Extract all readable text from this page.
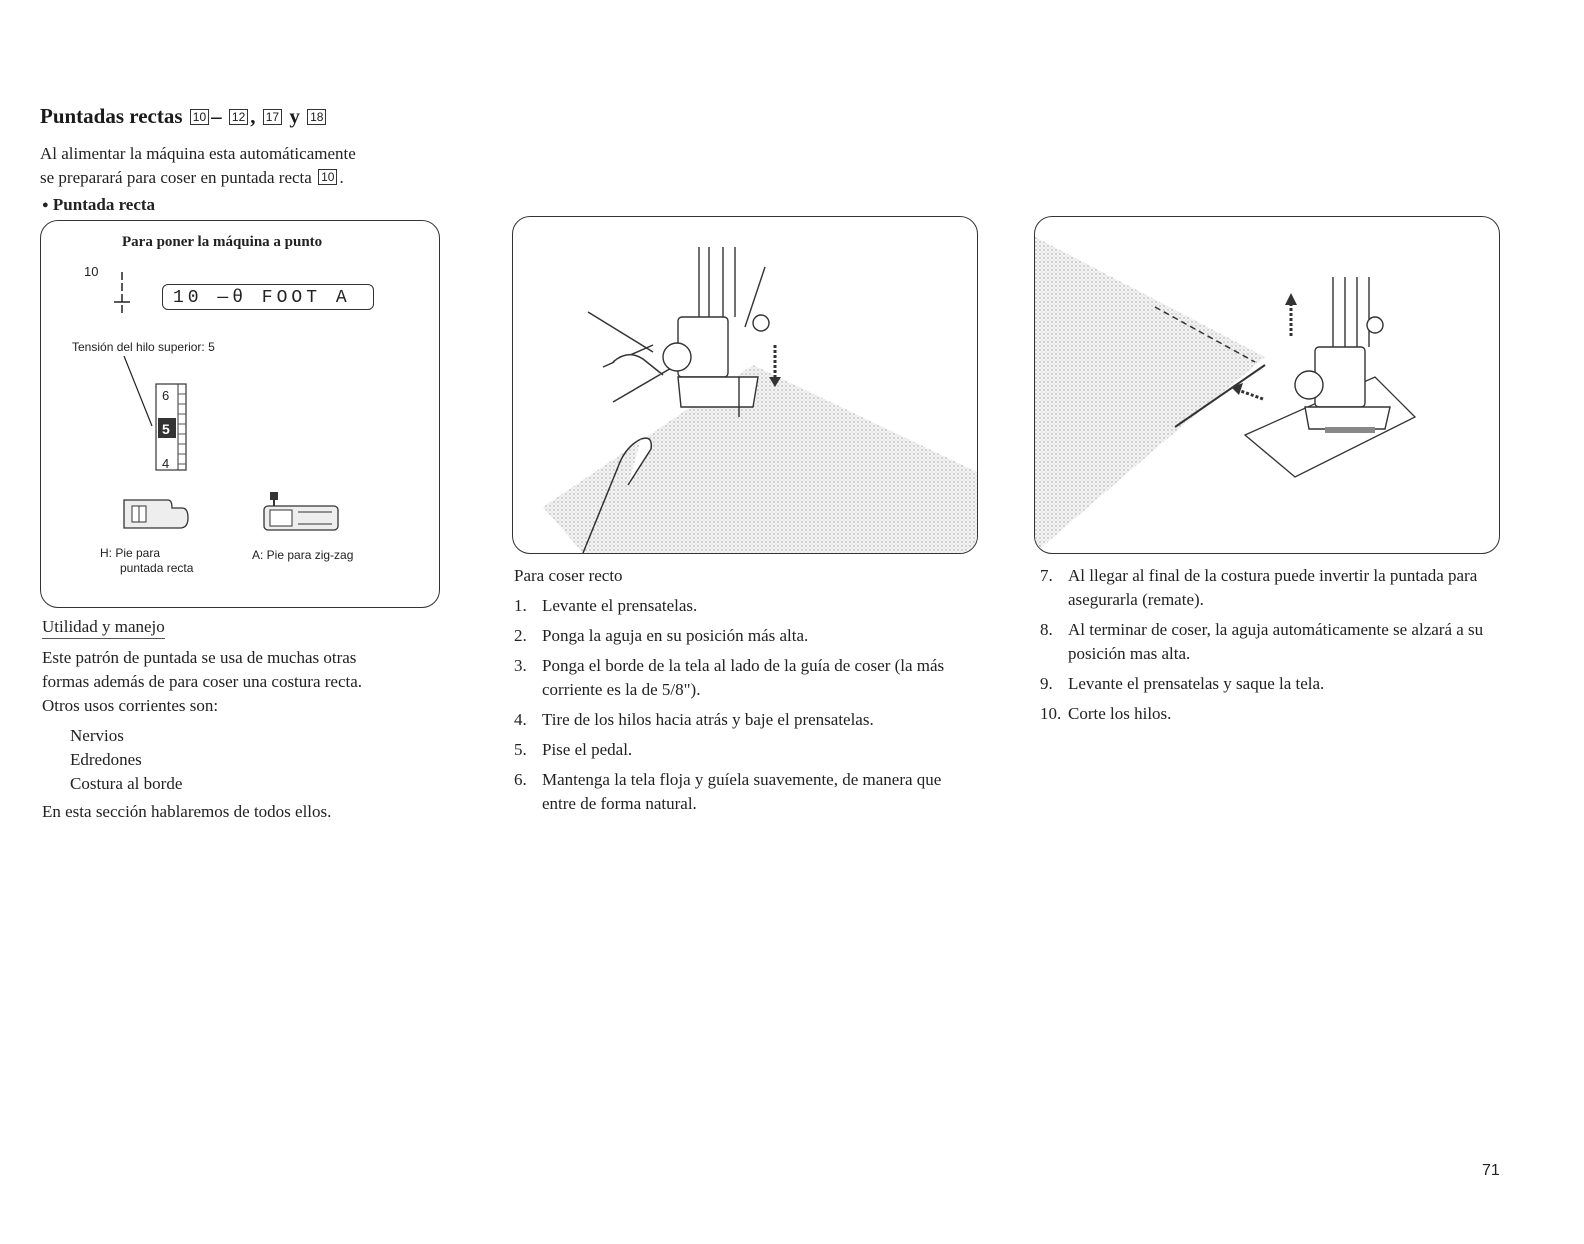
Puntadas rectas 10 – 12 , 17 y 18
Al alimentar la máquina esta automáticamente
se preparará para coser en puntada recta 10 .
● Puntada recta
Para poner la máquina a punto
10
10 —θ FOOT A
Tensión del hilo superior: 5
6
5
4
H: Pie para
puntada recta
A: Pie para zig-zag
Utilidad y manejo
Este patrón de puntada se usa de muchas otras
formas además de para coser una costura recta.
Otros usos corrientes son:
Nervios
Edredones
Costura al borde
En esta sección hablaremos de todos ellos.
Para coser recto
1. Levante el prensatelas.
2. Ponga la aguja en su posición más alta.
3. Ponga el borde de la tela al lado de la guía de coser (la más corriente es la de 5/8").
4. Tire de los hilos hacia atrás y baje el prensatelas.
5. Pise el pedal.
6. Mantenga la tela floja y guíela suavemente, de manera que entre de forma natural.
7. Al llegar al final de la costura puede invertir la puntada para asegurarla (remate).
8. Al terminar de coser, la aguja automáticamente se alzará a su posición mas alta.
9. Levante el prensatelas y saque la tela.
10. Corte los hilos.
71
